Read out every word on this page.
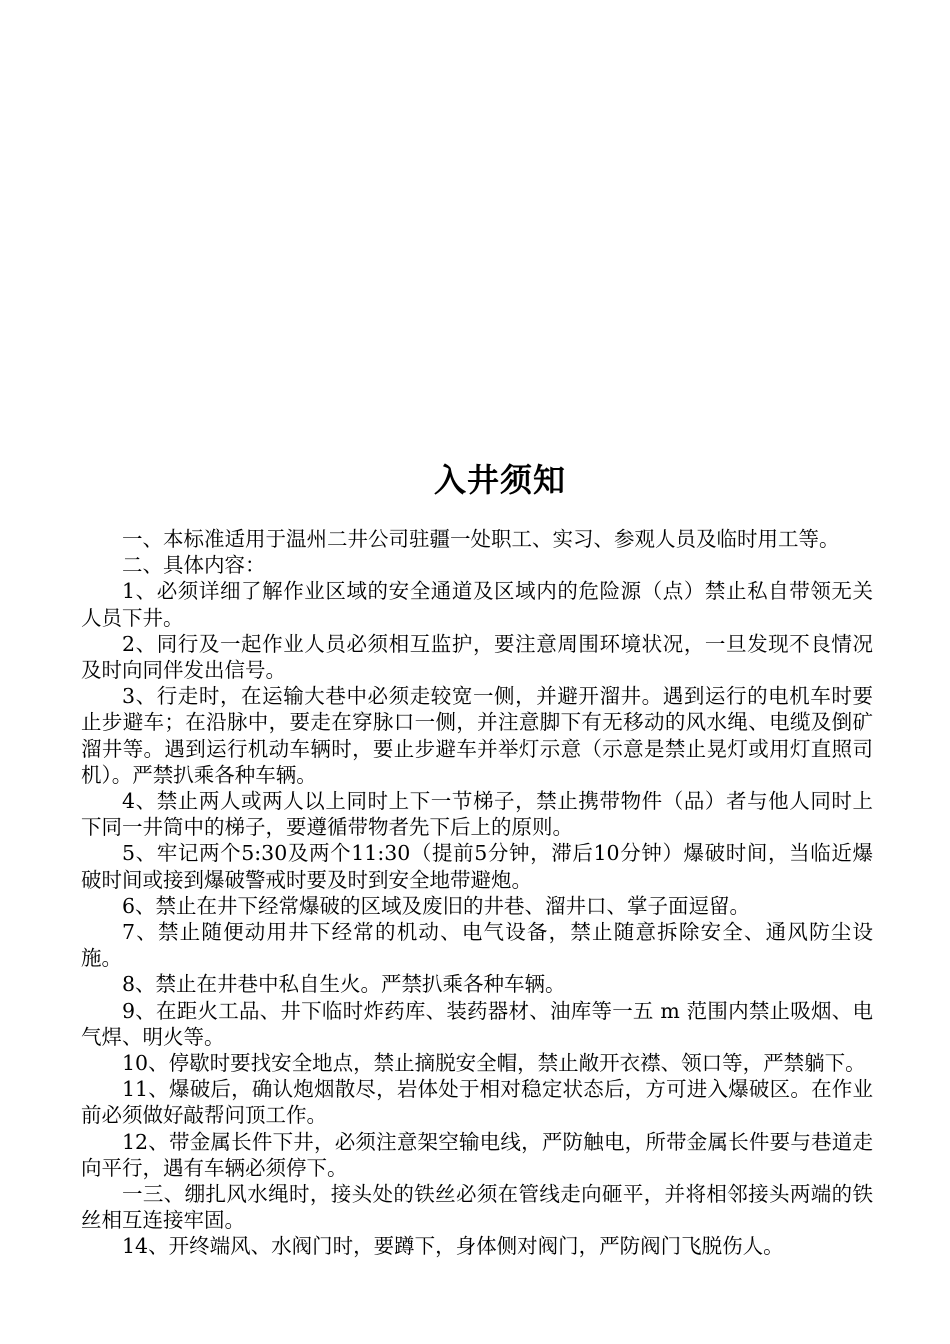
入井须知

一、本标准适用于温州二井公司驻疆一处职工、实习、参观人员及临时用工等。

二、具体内容：

1、必须详细了解作业区域的安全通道及区域内的危险源（点）禁止私自带领无关人员下井。

2、同行及一起作业人员必须相互监护，要注意周围环境状况，一旦发现不良情况及时向同伴发出信号。

3、行走时，在运输大巷中必须走较宽一侧，并避开溜井。遇到运行的电机车时要止步避车；在沿脉中，要走在穿脉口一侧，并注意脚下有无移动的风水绳、电缆及倒矿溜井等。遇到运行机动车辆时，要止步避车并举灯示意（示意是禁止晃灯或用灯直照司机）。严禁扒乘各种车辆。

4、禁止两人或两人以上同时上下一节梯子，禁止携带物件（品）者与他人同时上下同一井筒中的梯子，要遵循带物者先下后上的原则。

5、牢记两个5:30及两个11:30（提前5分钟，滞后10分钟）爆破时间，当临近爆破时间或接到爆破警戒时要及时到安全地带避炮。

6、禁止在井下经常爆破的区域及废旧的井巷、溜井口、掌子面逗留。

7、禁止随便动用井下经常的机动、电气设备，禁止随意拆除安全、通风防尘设施。

8、禁止在井巷中私自生火。严禁扒乘各种车辆。

9、在距火工品、井下临时炸药库、装药器材、油库等一五 m 范围内禁止吸烟、电气焊、明火等。

10、停歇时要找安全地点，禁止摘脱安全帽，禁止敞开衣襟、领口等，严禁躺下。

11、爆破后，确认炮烟散尽，岩体处于相对稳定状态后，方可进入爆破区。在作业前必须做好敲帮问顶工作。

12、带金属长件下井，必须注意架空输电线，严防触电，所带金属长件要与巷道走向平行，遇有车辆必须停下。

一三、绷扎风水绳时，接头处的铁丝必须在管线走向砸平，并将相邻接头两端的铁丝相互连接牢固。

14、开终端风、水阀门时，要蹲下，身体侧对阀门，严防阀门飞脱伤人。
